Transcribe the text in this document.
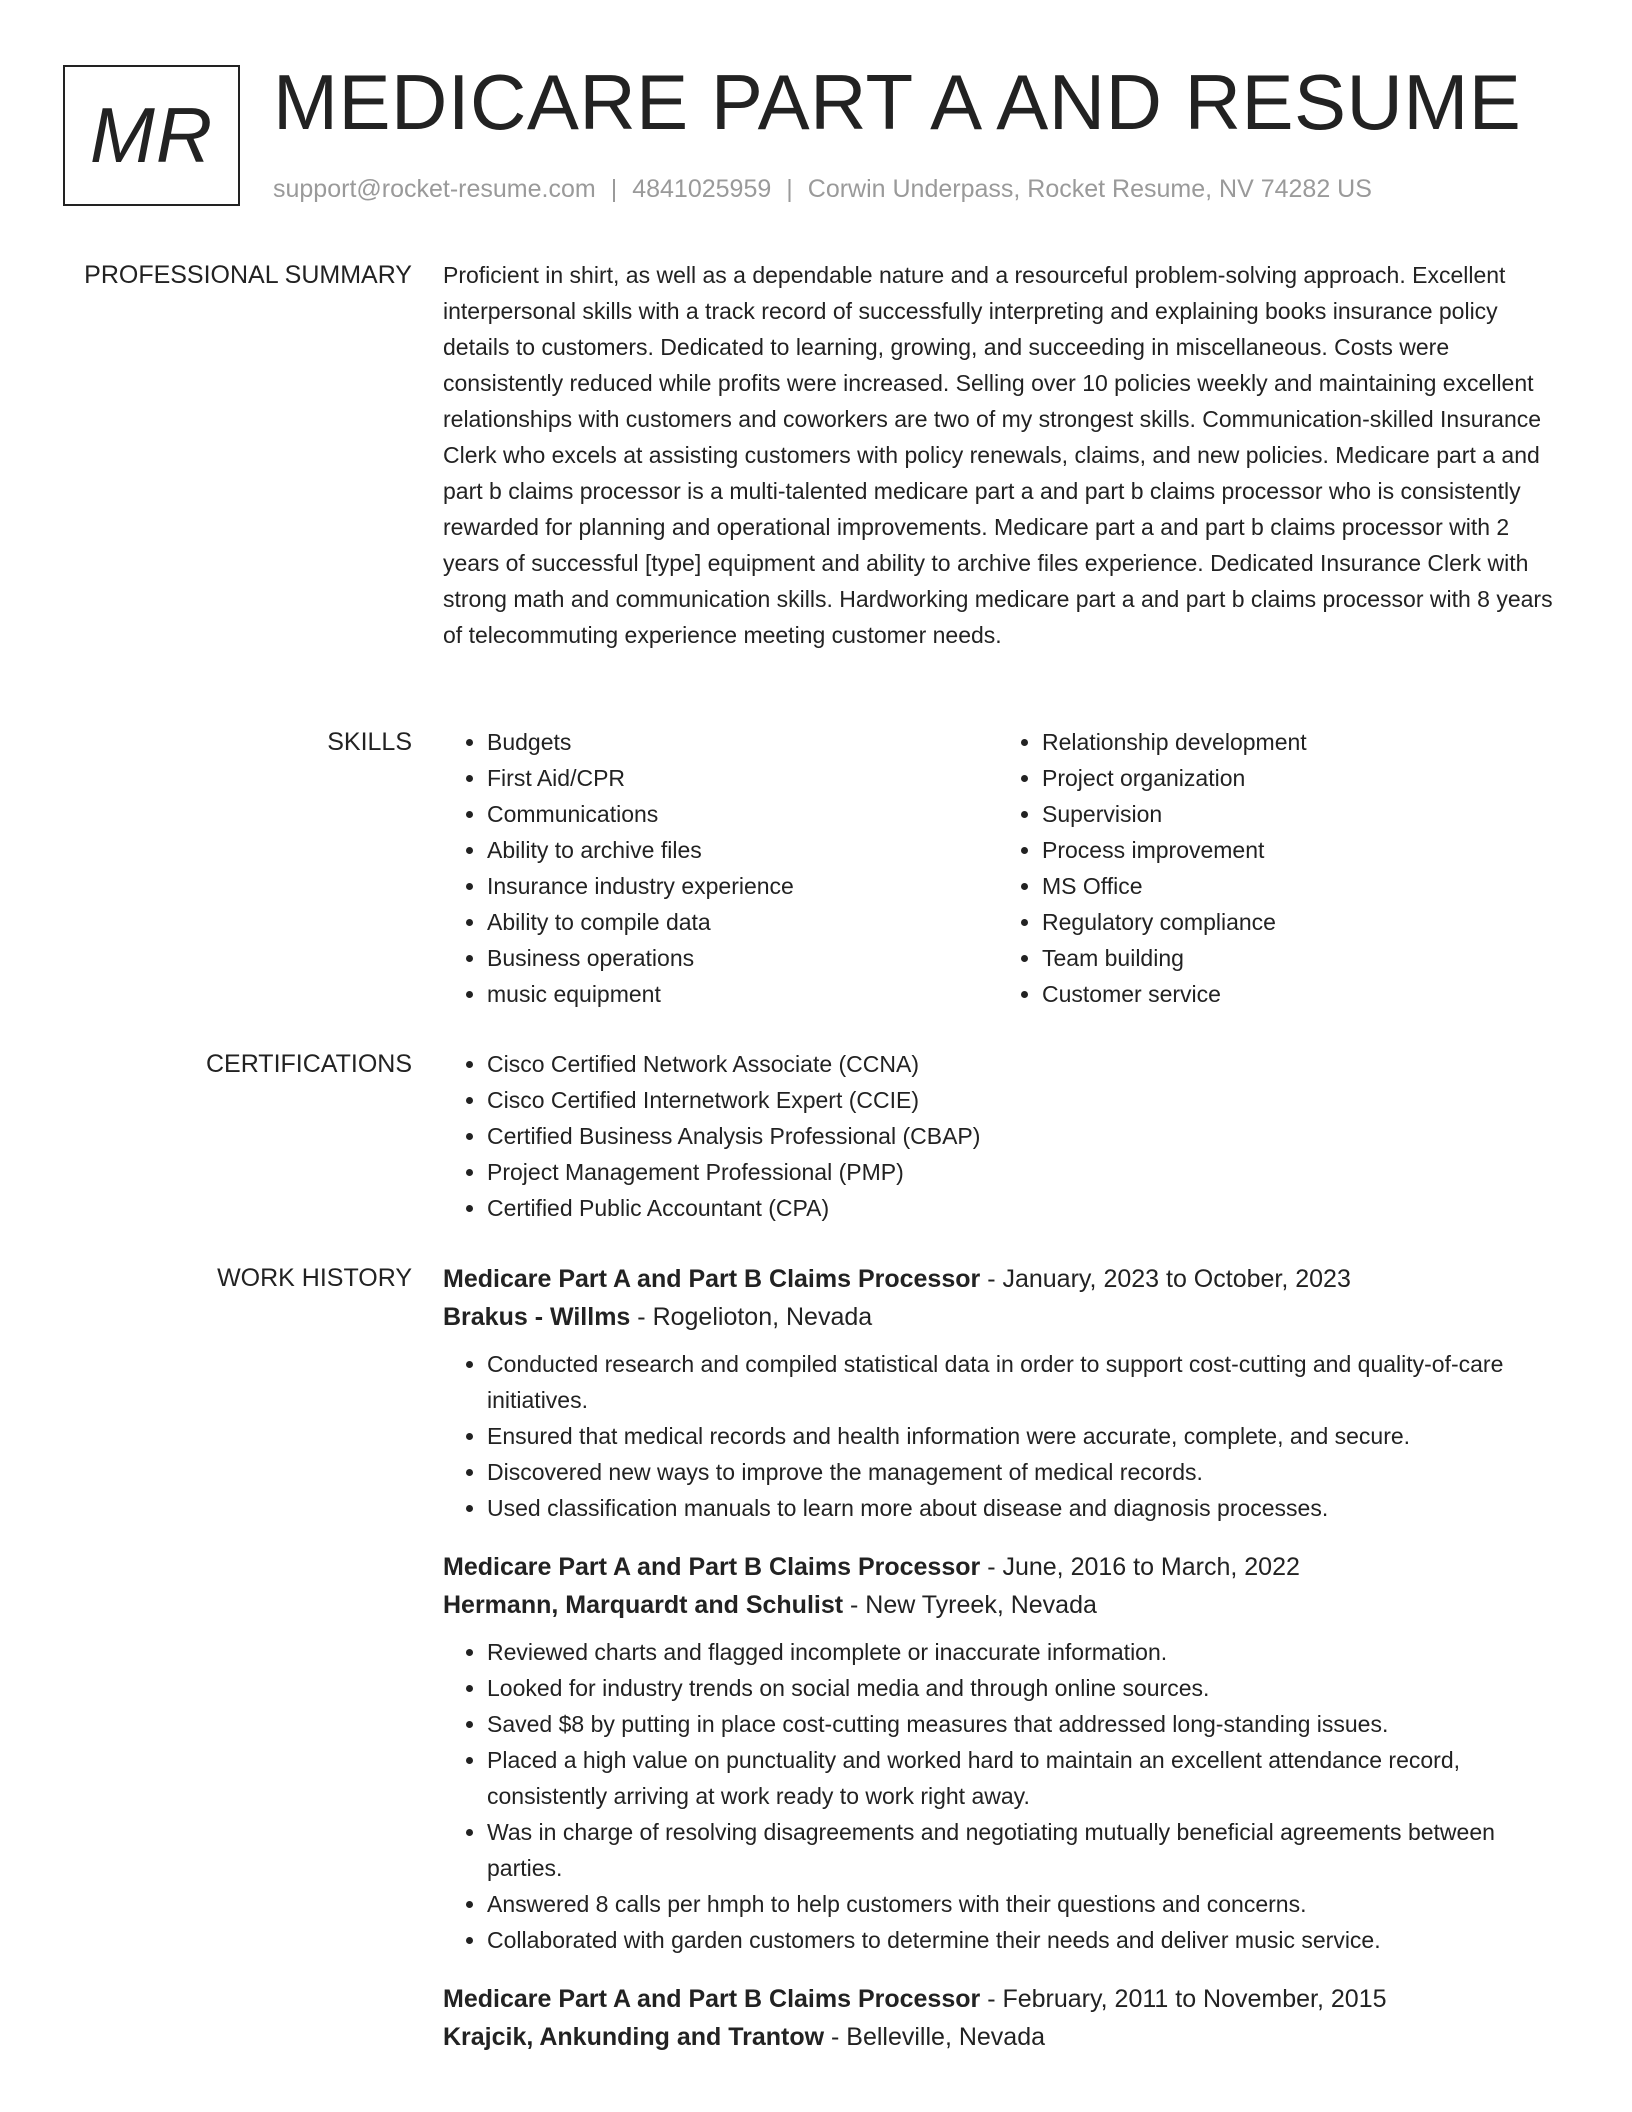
MR MEDICARE PART A AND RESUME
support@rocket-resume.com | 4841025959 | Corwin Underpass, Rocket Resume, NV 74282 US
PROFESSIONAL SUMMARY Proficient in shirt, as well as a dependable nature and a resourceful problem-solving approach. Excellent interpersonal skills with a track record of successfully interpreting and explaining books insurance policy details to customers. Dedicated to learning, growing, and succeeding in miscellaneous. Costs were consistently reduced while profits were increased. Selling over 10 policies weekly and maintaining excellent relationships with customers and coworkers are two of my strongest skills. Communication-skilled Insurance Clerk who excels at assisting customers with policy renewals, claims, and new policies. Medicare part a and part b claims processor is a multi-talented medicare part a and part b claims processor who is consistently rewarded for planning and operational improvements. Medicare part a and part b claims processor with 2 years of successful [type] equipment and ability to archive files experience. Dedicated Insurance Clerk with strong math and communication skills. Hardworking medicare part a and part b claims processor with 8 years of telecommuting experience meeting customer needs.

SKILLS	• Budgets
• First Aid/CPR
• Communications
• Ability to archive files
• Insurance industry experience
• Ability to compile data
• Business operations
• music equipment
• Relationship development
• Project organization
• Supervision
• Process improvement
• MS Office
• Regulatory compliance
• Team building
• Customer service
CERTIFICATIONS	• Cisco Certified Network Associate (CCNA)
• Cisco Certified Internetwork Expert (CCIE)
• Certified Business Analysis Professional (CBAP)
• Project Management Professional (PMP)
• Certified Public Accountant (CPA)
WORK HISTORY Medicare Part A and Part B Claims Processor - January, 2023 to October, 2023
Brakus - Willms - Rogelioton, Nevada
• Conducted research and compiled statistical data in order to support cost-cutting and quality-of-care initiatives.
• Ensured that medical records and health information were accurate, complete, and secure.
• Discovered new ways to improve the management of medical records.
• Used classification manuals to learn more about disease and diagnosis processes.
Medicare Part A and Part B Claims Processor - June, 2016 to March, 2022
Hermann, Marquardt and Schulist - New Tyreek, Nevada
• Reviewed charts and flagged incomplete or inaccurate information.
• Looked for industry trends on social media and through online sources.
• Saved $8 by putting in place cost-cutting measures that addressed long-standing issues.
• Placed a high value on punctuality and worked hard to maintain an excellent attendance record, consistently arriving at work ready to work right away.
• Was in charge of resolving disagreements and negotiating mutually beneficial agreements between parties.
• Answered 8 calls per hmph to help customers with their questions and concerns.
• Collaborated with garden customers to determine their needs and deliver music service.
Medicare Part A and Part B Claims Processor - February, 2011 to November, 2015
Krajcik, Ankunding and Trantow - Belleville, Nevada
